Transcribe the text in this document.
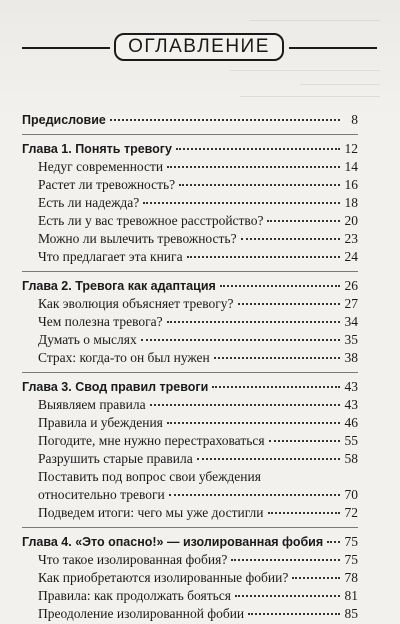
ОГЛАВЛЕНИЕ
Предисловие	8
Глава 1. Понять тревогу	12
Недуг современности	14
Растет ли тревожность?	16
Есть ли надежда?	18
Есть ли у вас тревожное расстройство?	20
Можно ли вылечить тревожность?	23
Что предлагает эта книга	24
Глава 2. Тревога как адаптация	26
Как эволюция объясняет тревогу?	27
Чем полезна тревога?	34
Думать о мыслях	35
Страх: когда-то он был нужен	38
Глава 3. Свод правил тревоги	43
Выявляем правила	43
Правила и убеждения	46
Погодите, мне нужно перестраховаться	55
Разрушить старые правила	58
Поставить под вопрос свои убеждения
относительно тревоги	70
Подведем итоги: чего мы уже достигли	72
Глава 4. «Это опасно!» — изолированная фобия 75
Что такое изолированная фобия?	75
Как приобретаются изолированные фобии?	78
Правила: как продолжать бояться	81
Преодоление изолированной фобии	85
